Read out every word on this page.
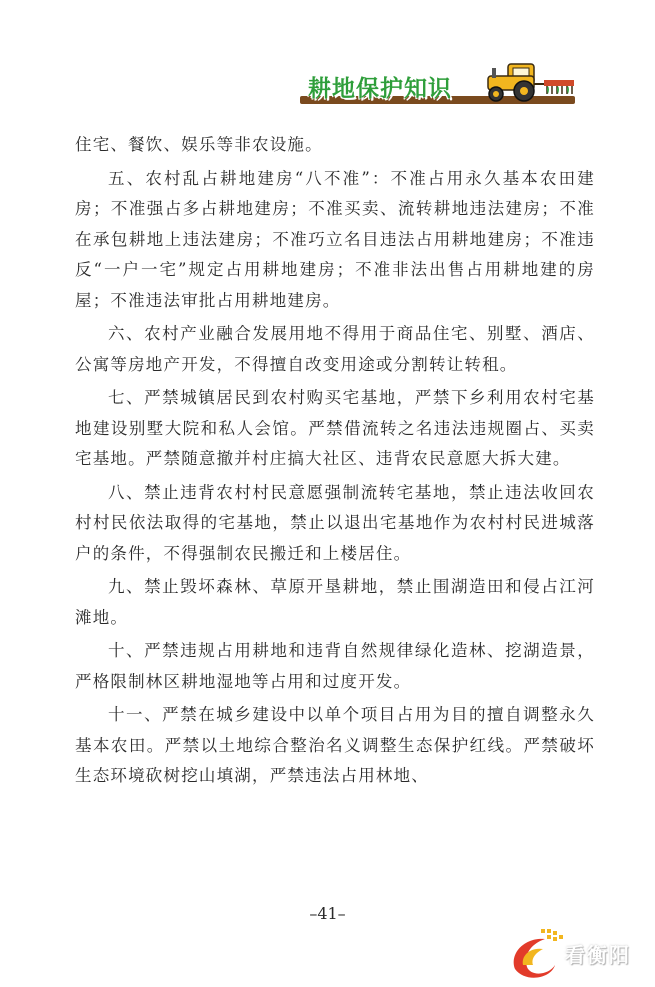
耕地保护知识

住宅、餐饮、娱乐等非农设施。

五、农村乱占耕地建房“八不准”：不准占用永久基本农田建房；不准强占多占耕地建房；不准买卖、流转耕地违法建房；不准在承包耕地上违法建房；不准巧立名目违法占用耕地建房；不准违反“一户一宅”规定占用耕地建房；不准非法出售占用耕地建的房屋；不准违法审批占用耕地建房。

六、农村产业融合发展用地不得用于商品住宅、别墅、酒店、公寓等房地产开发，不得擅自改变用途或分割转让转租。

七、严禁城镇居民到农村购买宅基地，严禁下乡利用农村宅基地建设别墅大院和私人会馆。严禁借流转之名违法违规圈占、买卖宅基地。严禁随意撤并村庄搞大社区、违背农民意愿大拆大建。

八、禁止违背农村村民意愿强制流转宅基地，禁止违法收回农村村民依法取得的宅基地，禁止以退出宅基地作为农村村民进城落户的条件，不得强制农民搬迁和上楼居住。

九、禁止毁坏森林、草原开垦耕地，禁止围湖造田和侵占江河滩地。

十、严禁违规占用耕地和违背自然规律绿化造林、挖湖造景，严格限制林区耕地湿地等占用和过度开发。

十一、严禁在城乡建设中以单个项目占用为目的擅自调整永久基本农田。严禁以土地综合整治名义调整生态保护红线。严禁破坏生态环境砍树挖山填湖，严禁违法占用林地、

–41–
看衡阳
